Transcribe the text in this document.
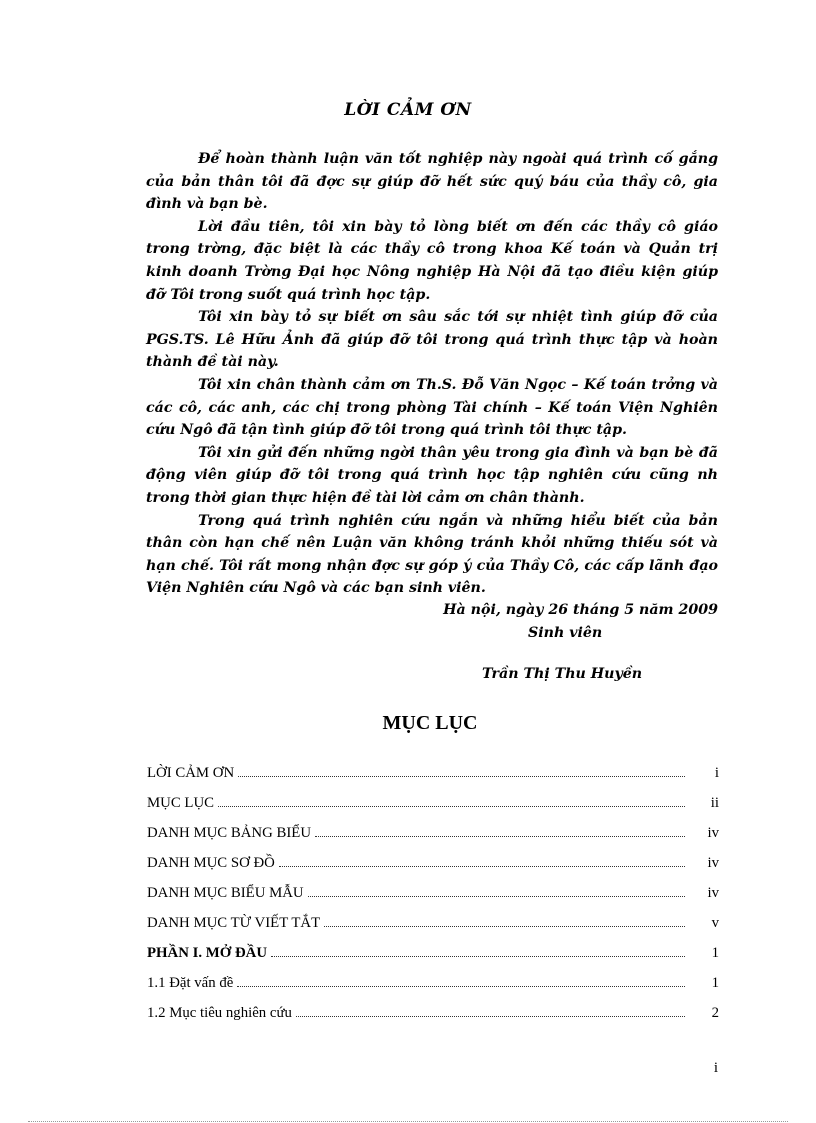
LỜI CẢM ƠN

Để hoàn thành luận văn tốt nghiệp này ngoài quá trình cố gắng của bản thân tôi đã đợc sự giúp đỡ hết sức quý báu của thầy cô, gia đình và bạn bè.

Lời đầu tiên, tôi xin bày tỏ lòng biết ơn đến các thầy cô giáo trong trờng, đặc biệt là các thầy cô trong khoa Kế toán và Quản trị kinh doanh Trờng Đại học Nông nghiệp Hà Nội đã tạo điều kiện giúp đỡ Tôi trong suốt quá trình học tập.

Tôi xin bày tỏ sự biết ơn sâu sắc tới sự nhiệt tình giúp đỡ của PGS.TS. Lê Hữu Ảnh đã giúp đỡ tôi trong quá trình thực tập và hoàn thành đề tài này.

Tôi xin chân thành cảm ơn Th.S. Đỗ Văn Ngọc – Kế toán trởng và các cô, các anh, các chị trong phòng Tài chính – Kế toán Viện Nghiên cứu Ngô đã tận tình giúp đỡ tôi trong quá trình tôi thực tập.

Tôi xin gửi đến những ngời thân yêu trong gia đình và bạn bè đã động viên giúp đỡ tôi trong quá trình học tập nghiên cứu cũng nh trong thời gian thực hiện đề tài lời cảm ơn chân thành.

Trong quá trình nghiên cứu ngắn và những hiểu biết của bản thân còn hạn chế nên Luận văn không tránh khỏi những thiếu sót và hạn chế. Tôi rất mong nhận đợc sự góp ý của Thầy Cô, các cấp lãnh đạo Viện Nghiên cứu Ngô và các bạn sinh viên.

Hà nội, ngày 26 tháng 5 năm 2009
Sinh viên
Trần Thị Thu Huyền
MỤC LỤC
LỜI CẢM ƠN	i
MỤC LỤC	ii
DANH MỤC BẢNG BIỂU	iv
DANH MỤC SƠ ĐỒ	iv
DANH MỤC BIỂU MẪU	iv
DANH MỤC TỪ VIẾT TẮT	v
PHẦN I. MỞ ĐẦU	1
1.1 Đặt vấn đề	1
1.2 Mục tiêu nghiên cứu	2
i
